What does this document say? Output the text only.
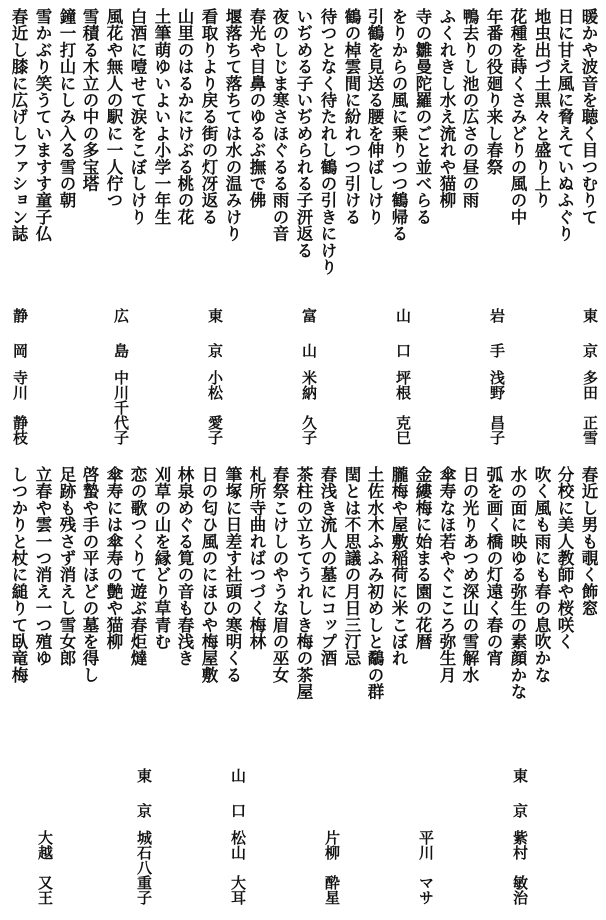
暖かや波音を聴く目つむりて
日に甘え風に脅えていぬふぐり
地虫出づ土黒々と盛り上り
花種を蒔くさみどりの風の中
年番の役廻り来し春祭
鴨去りし池の広さの昼の雨
ふくれきし水え流れや猫柳
寺の雛曼陀羅のごと並べらる
をりからの風に乗りつつ鶴帰る
引鶴を見送る腰を伸ばしけり
鶴の棹雲間に紛れつつ引ける
待つとなく待たれし鶴の引きにけり
いぢめる子いぢめられる子汧返る
夜のしじま寒さほぐるる雨の音
春光や目鼻のゆるぶ撫で佛
堰落ちて落ちては水の温みけり
看取りより戻る街の灯冴返る
山里のはるかにけぶる桃の花
土筆萌ゆいよいよ小学一年生
白酒に噎せて涙をこぼしけり
風花や無人の駅に一人佇つ
雪積る木立の中の多宝塔
鐘一打山にしみ入る雪の朝
雪かぶり笑うていますす童子仏
春近し膝に広げしファション誌
東
京
多田　正雪
岩
手
浅野　昌子
山
口
坪根　克巳
富
山
米納　久子
東
京
小松　愛子
広
島
中川千代子
静
岡
寺川　静枝
春近し男も覗く飾窓
分校に美人教師や桜咲く
吹く風も雨にも春の息吹かな
水の面に映ゆる弥生の素顔かな
弧を画く橋の灯遠く春の宵
日の光りあつめ深山の雪解水
傘寿なほ若やぐこころ弥生月
金縷梅に始まる園の花暦
朧梅や屋敷稲荷に米こぼれ
土佐水木ふふみ初めしと鷸の群
閏とは不思議の月日三汀忌
春浅き流人の墓にコップ酒
茶柱の立ちてうれしき梅の茶屋
春祭こけしのやうな眉の巫女
札所寺曲ればつづく梅林
筆塚に日差す社頭の寒明くる
日の匂ひ風のにほひや梅屋敷
林泉めぐる筧の音も春浅き
刈草の山を縁どり草青む
恋の歌つくりて遊ぶ春炬燵
傘寿には傘寿の艶や猫柳
啓蟄や手の平ほどの墓を得し
足跡も残さず消えし雪女郎
立春や雲一つ消え一つ殖ゆ
しつかりと杖に縋りて臥竜梅
東
京
紫村　敏治
平川　マサ
片柳　酔星
山
口
松山　大耳
東
京
城石八重子
大越　又王
